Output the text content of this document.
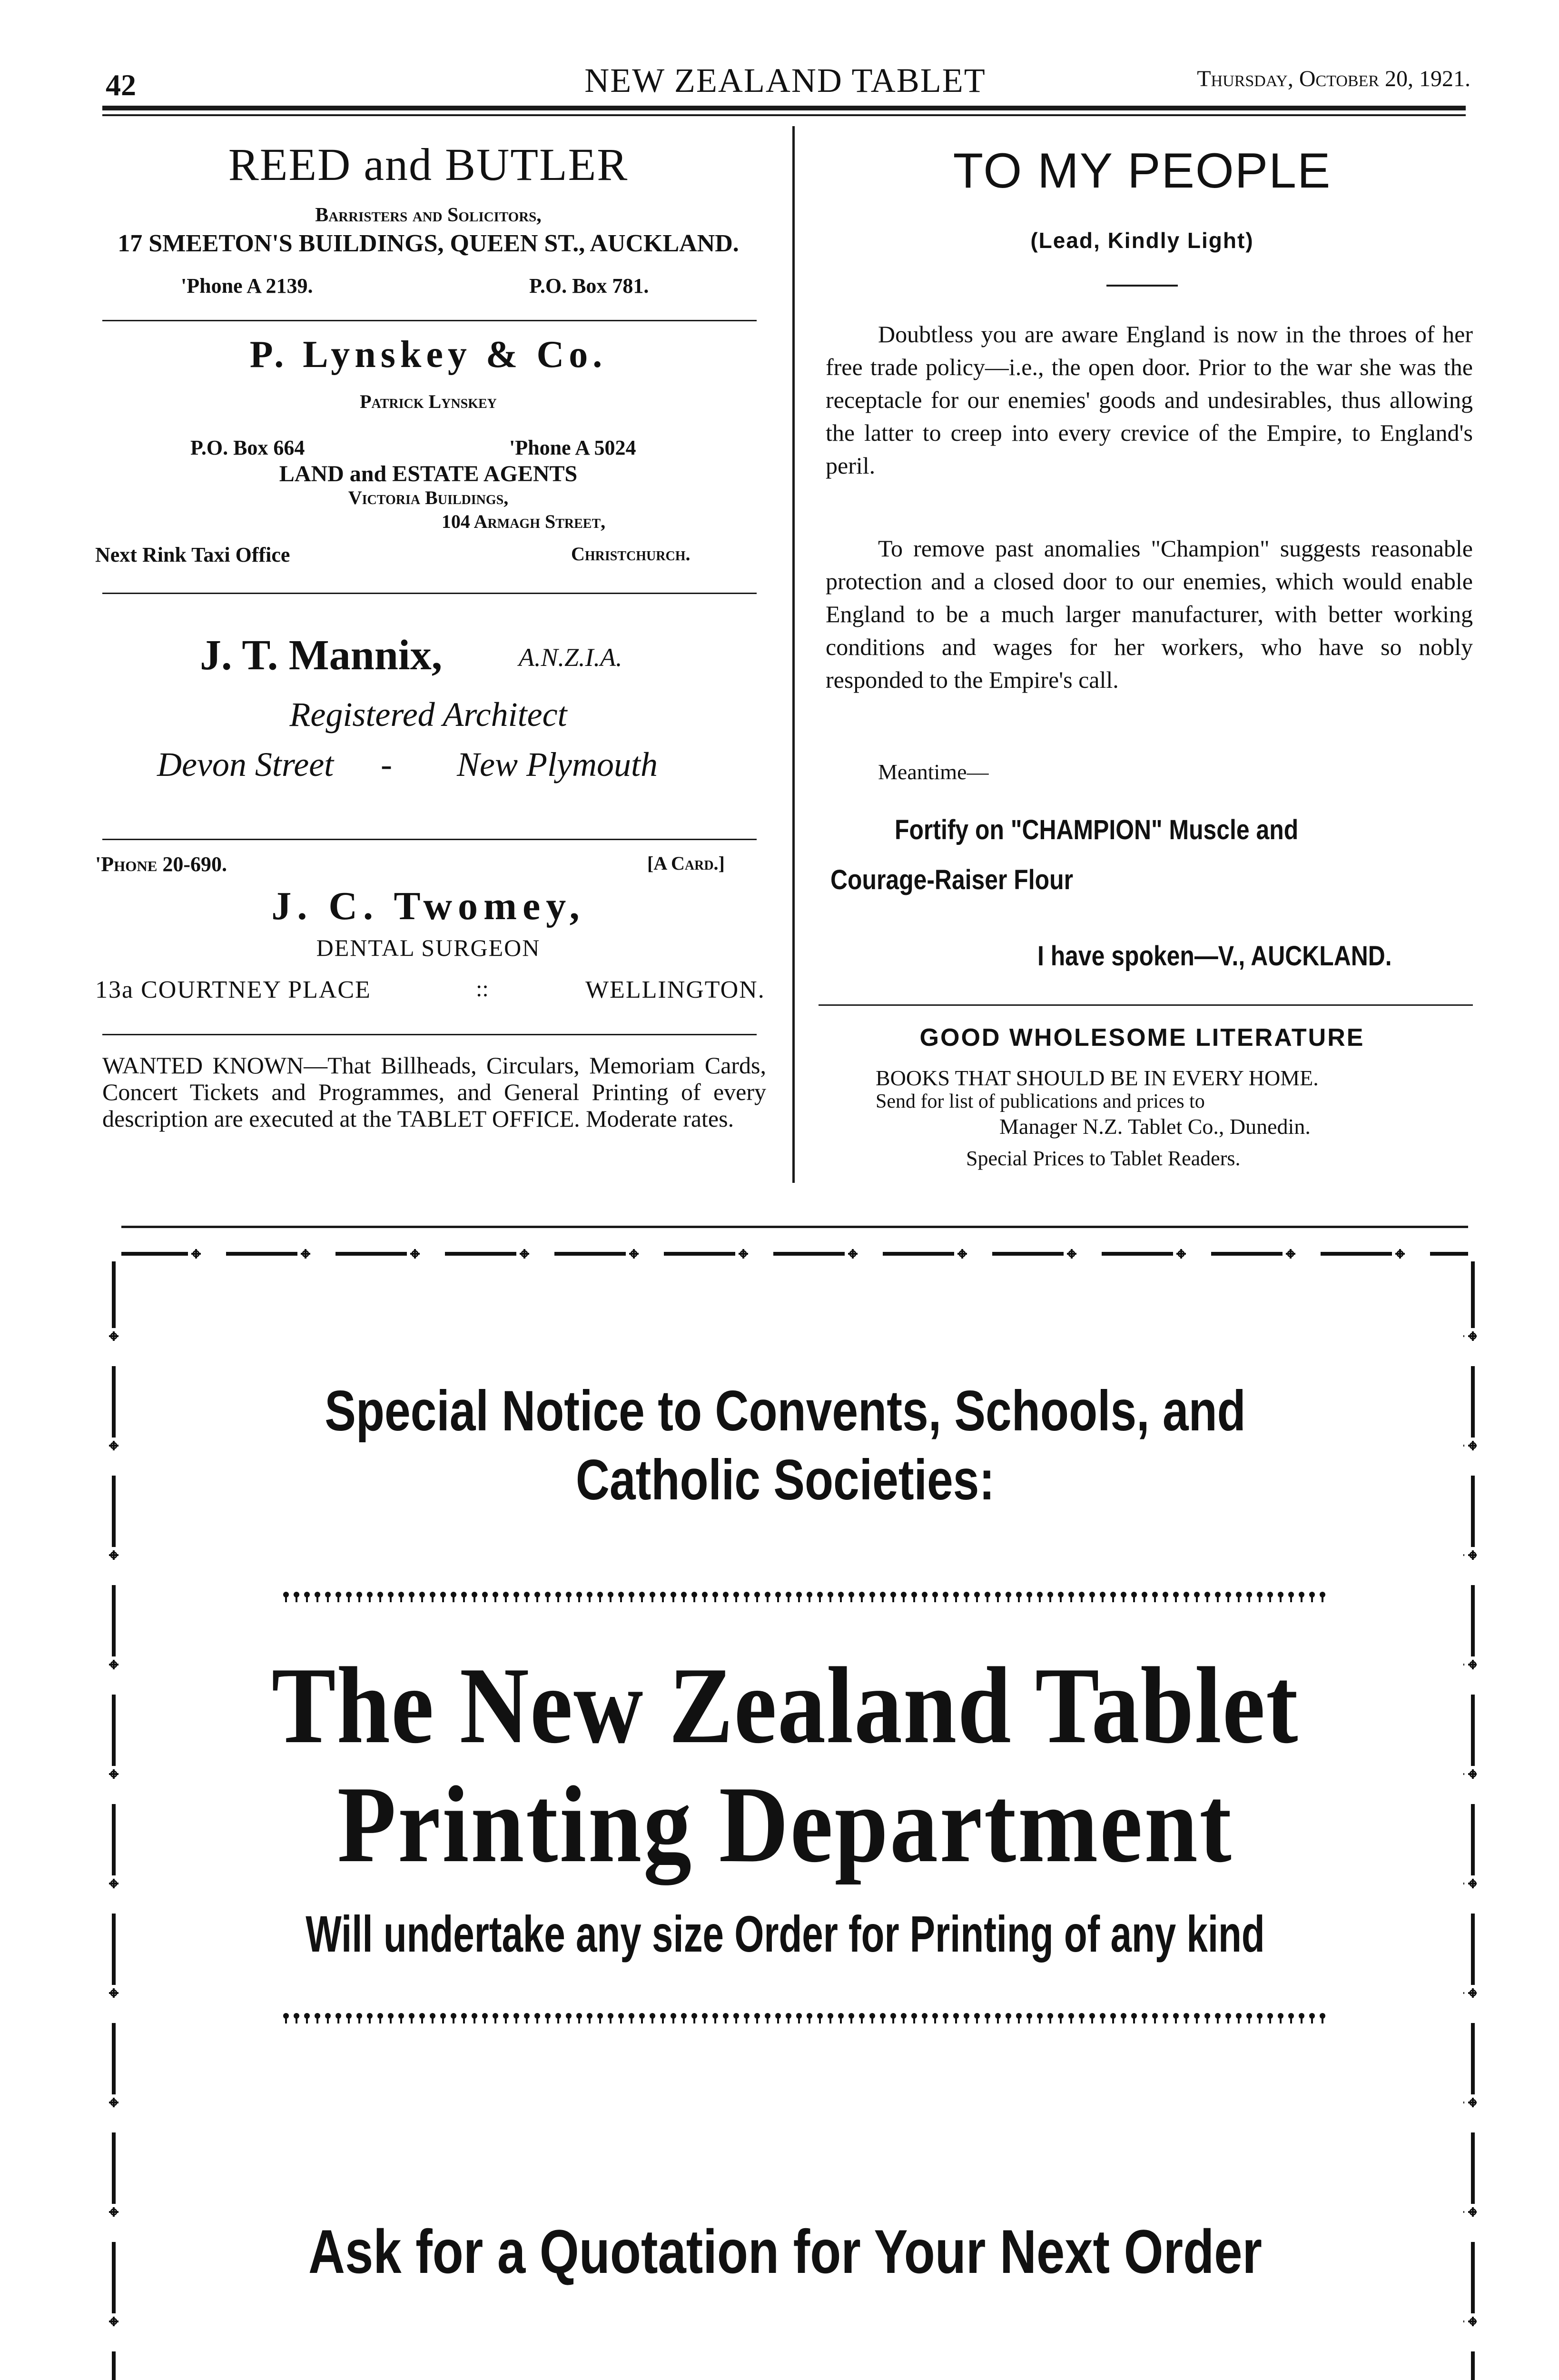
42	NEW ZEALAND TABLET	Thursday, October 20, 1921.
REED and BUTLER
Barristers and Solicitors,
17 SMEETON'S BUILDINGS, QUEEN ST., AUCKLAND.
'Phone A 2139.	P.O. Box 781.
P. Lynskey & Co.
Patrick Lynskey
P.O. Box 664	'Phone A 5024
LAND and ESTATE AGENTS
Victoria Buildings,
104 Armagh Street,
Next Rink Taxi Office	Christchurch.
J. T. Mannix,	A.N.Z.I.A.
Registered Architect
Devon Street - New Plymouth
'Phone 20-690.	[A Card.]
J. C. Twomey,
DENTAL SURGEON
13a COURTNEY PLACE	::	WELLINGTON.
WANTED KNOWN—That Billheads, Circulars, Memoriam Cards, Concert Tickets and Programmes, and General Printing of every description are executed at the TABLET OFFICE. Moderate rates.
TO MY PEOPLE
(Lead, Kindly Light)
Doubtless you are aware England is now in the throes of her free trade policy—i.e., the open door. Prior to the war she was the receptacle for our enemies' goods and undesirables, thus allowing the latter to creep into every crevice of the Empire, to England's peril.
To remove past anomalies "Champion" suggests reasonable protection and a closed door to our enemies, which would enable England to be a much larger manufacturer, with better working conditions and wages for her workers, who have so nobly responded to the Empire's call.
Meantime—
Fortify on "CHAMPION" Muscle and
Courage-Raiser Flour
I have spoken—V., AUCKLAND.
GOOD WHOLESOME LITERATURE
BOOKS THAT SHOULD BE IN EVERY HOME.
Send for list of publications and prices to
Manager N.Z. Tablet Co., Dunedin.
Special Prices to Tablet Readers.
Special Notice to Convents, Schools, and
Catholic Societies:
The New Zealand Tablet
Printing Department
Will undertake any size Order for Printing of any kind
Ask for a Quotation for Your Next Order
